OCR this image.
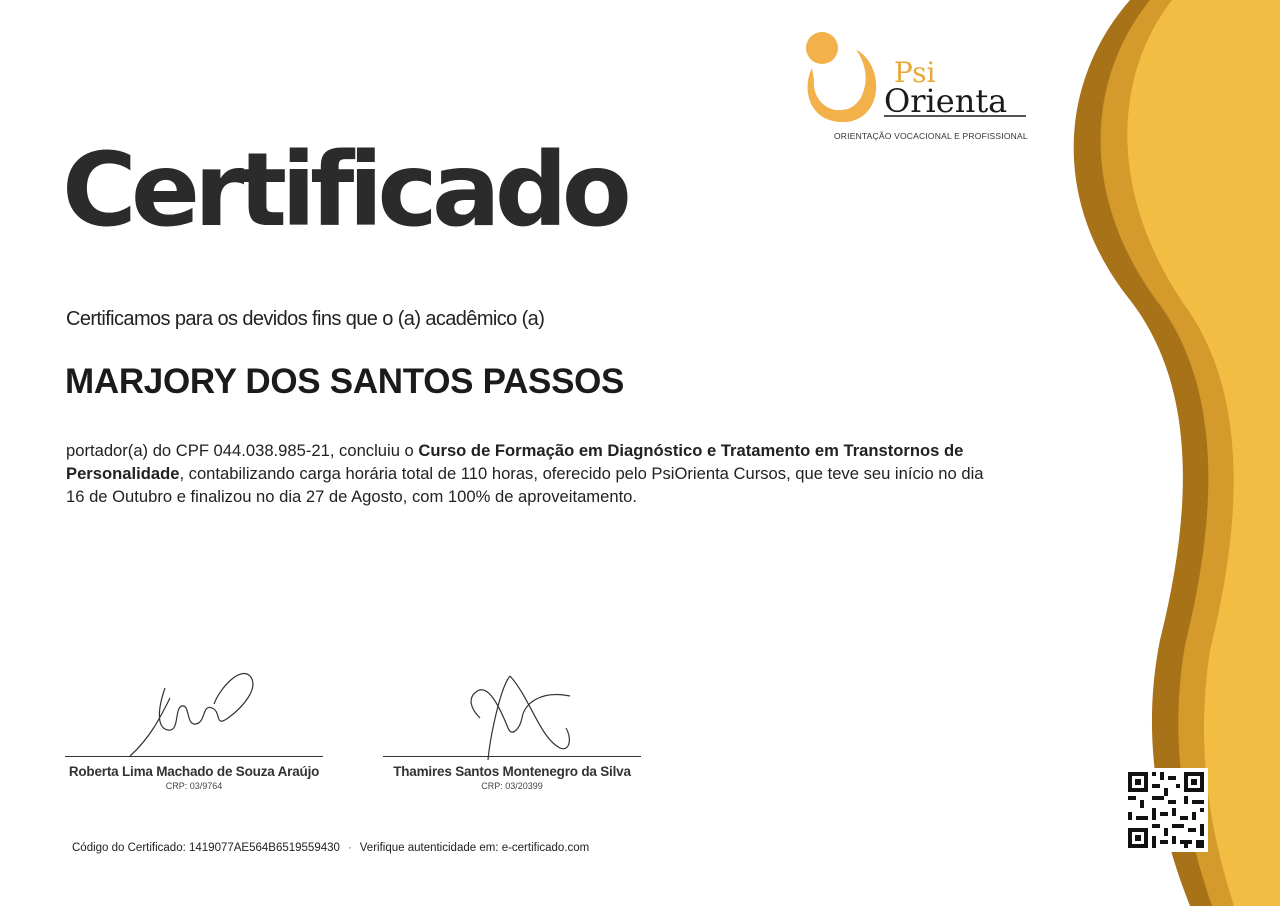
Psi
Orienta
ORIENTAÇÃO VOCACIONAL E PROFISSIONAL
Certificado
Certificamos para os devidos fins que o (a) acadêmico (a)
MARJORY DOS SANTOS PASSOS
portador(a) do CPF 044.038.985-21, concluiu o Curso de Formação em Diagnóstico e Tratamento em Transtornos de Personalidade, contabilizando carga horária total de 110 horas, oferecido pelo PsiOrienta Cursos, que teve seu início no dia 16 de Outubro e finalizou no dia 27 de Agosto, com 100% de aproveitamento.
Roberta Lima Machado de Souza Araújo
CRP: 03/9764
Thamires Santos Montenegro da Silva
CRP: 03/20399
Código do Certificado: 1419077AE564B6519559430 · Verifique autenticidade em: e-certificado.com
